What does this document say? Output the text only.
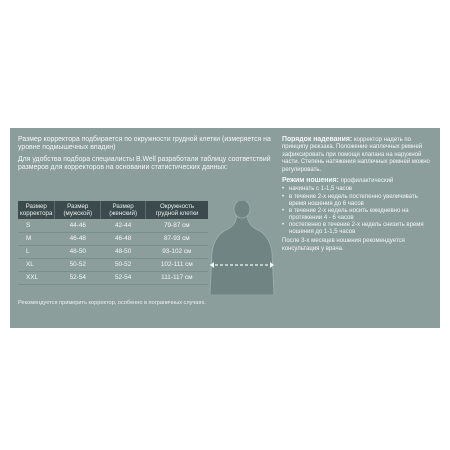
Размер корректора подбирается по окружности грудной клетки (измеряется на уровне подмышечных впадин)

Для удобства подбора специалисты B.Well разработали таблицу соответствий размеров для корректоров на основании статистических данных:

Размер корректора	Размер (мужской)	Размер (женский)	Окружность грудной клетки
S	44-46	42-44	79-87 см
M	46-48	46-48	87-93 см
L	48-50	48-50	93-102 см
XL	50-52	50-52	102-111 см
XXL	52-54	52-54	111-117 см

Рекомендуется примерить корректор, особенно в пограничных случаях.

Порядок надевания: корректор надеть по принципу рюкзака. Положение наплечных ремней зафиксировать при помощи клапана на наружной части. Степень натяжения наплечных ремней можно регулировать.

Режим ношения: профилактический

• начинать с 1-1,5 часов
• в течение 2-х недель постепенно увеличивать время ношения до 6 часов
• в течение 2-х недель носить ежедневно на протяжении 4 - 6 часов
• постепенно в течение 2-х недель снизить время ношения до 1-1,5 часов

После 3-х месяцев ношения рекомендуется консультация у врача.
